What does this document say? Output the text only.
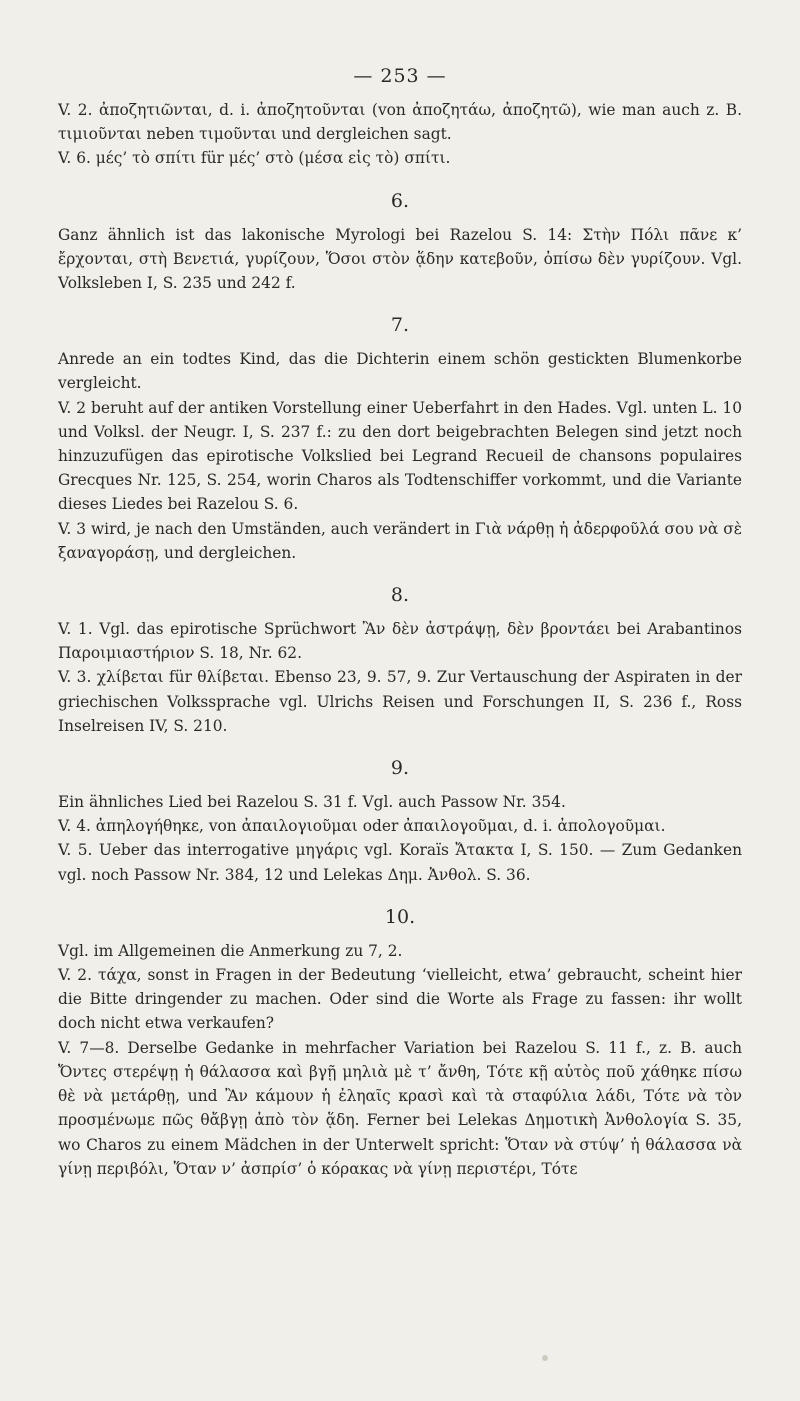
— 253 —

V. 2. ἀποζητιῶνται, d. i. ἀποζητοῦνται (von ἀποζητάω, ἀποζητῶ), wie man auch z. B. τιμιοῦνται neben τιμοῦνται und dergleichen sagt.

V. 6. μές’ τὸ σπίτι für μές’ στὸ (μέσα εἰς τὸ) σπίτι.

6.

Ganz ähnlich ist das lakonische Myrologi bei Razelou S. 14: Στὴν Πόλι πᾶνε κ’ ἔρχονται, στὴ Βενετιά, γυρίζουν, Ὅσοι στὸν ᾅδην κατεβοῦν, ὀπίσω δὲν γυρίζουν. Vgl. Volksleben I, S. 235 und 242 f.

7.

Anrede an ein todtes Kind, das die Dichterin einem schön gestickten Blumenkorbe vergleicht.

V. 2 beruht auf der antiken Vorstellung einer Ueberfahrt in den Hades. Vgl. unten L. 10 und Volksl. der Neugr. I, S. 237 f.: zu den dort beigebrachten Belegen sind jetzt noch hinzuzufügen das epirotische Volkslied bei Legrand Recueil de chansons populaires Grecques Nr. 125, S. 254, worin Charos als Todtenschiffer vorkommt, und die Variante dieses Liedes bei Razelou S. 6.

V. 3 wird, je nach den Umständen, auch verändert in Γιὰ νάρθῃ ἡ ἀδερφοῦλά σου νὰ σὲ ξαναγοράσῃ, und dergleichen.

8.

V. 1. Vgl. das epirotische Sprüchwort Ἂν δὲν ἀστράψῃ, δὲν βροντάει bei Arabantinos Παροιμιαστήριον S. 18, Nr. 62.

V. 3. χλίβεται für θλίβεται. Ebenso 23, 9. 57, 9. Zur Vertauschung der Aspiraten in der griechischen Volkssprache vgl. Ulrichs Reisen und Forschungen II, S. 236 f., Ross Inselreisen IV, S. 210.

9.

Ein ähnliches Lied bei Razelou S. 31 f. Vgl. auch Passow Nr. 354.

V. 4. ἀπηλογήθηκε, von ἀπαιλογιοῦμαι oder ἀπαιλογοῦμαι, d. i. ἀπολογοῦμαι.

V. 5. Ueber das interrogative μηγάρις vgl. Koraïs Ἄτακτα I, S. 150. — Zum Gedanken vgl. noch Passow Nr. 384, 12 und Lelekas Δημ. Ἀνθολ. S. 36.

10.

Vgl. im Allgemeinen die Anmerkung zu 7, 2.

V. 2. τάχα, sonst in Fragen in der Bedeutung ‘vielleicht, etwa’ gebraucht, scheint hier die Bitte dringender zu machen. Oder sind die Worte als Frage zu fassen: ihr wollt doch nicht etwa verkaufen?

V. 7—8. Derselbe Gedanke in mehrfacher Variation bei Razelou S. 11 f., z. B. auch Ὄντες στερέψῃ ἡ θάλασσα καὶ βγῇ μηλιὰ μὲ τ’ ἄνθη, Τότε κῇ αὐτὸς ποῦ χάθηκε πίσω θὲ νὰ μετάρθῃ, und Ἂν κάμουν ἡ ἐληαῖς κρασὶ καὶ τὰ σταφύλια λάδι, Τότε νὰ τὸν προσμένωμε πῶς θἄβγῃ ἀπὸ τὸν ᾅδη. Ferner bei Lelekas Δημοτικὴ Ἀνθολογία S. 35, wo Charos zu einem Mädchen in der Unterwelt spricht: Ὅταν νὰ στύψ’ ἡ θάλασσα νὰ γίνῃ περιβόλι, Ὅταν ν’ ἀσπρίσ’ ὁ κόρακας νὰ γίνῃ περιστέρι, Τότε
